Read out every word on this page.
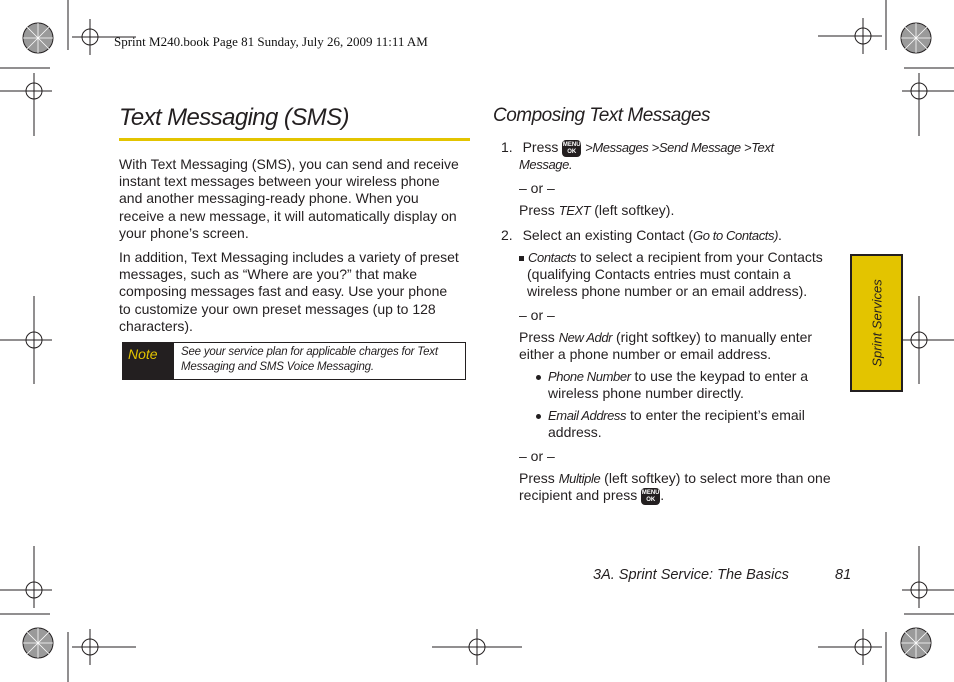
Sprint M240.book Page 81 Sunday, July 26, 2009 11:11 AM
Text Messaging (SMS)

With Text Messaging (SMS), you can send and receive
instant text messages between your wireless phone
and another messaging-ready phone. When you
receive a new message, it will automatically display on
your phone’s screen.

In addition, Text Messaging includes a variety of preset
messages, such as “Where are you?” that make
composing messages fast and easy. Use your phone
to customize your own preset messages (up to 128
characters).

Note	See your service plan for applicable charges for Text
Messaging and SMS Voice Messaging.
Composing Text Messages
1. Press MENU
OK >Messages >Send Message >Text
Message.
– or –
Press TEXT (left softkey).
2. Select an existing Contact (Go to Contacts).
Contacts to select a recipient from your Contacts
(qualifying Contacts entries must contain a
wireless phone number or an email address).
– or –
Press New Addr (right softkey) to manually enter
either a phone number or email address.
Phone Number to use the keypad to enter a
wireless phone number directly.
Email Address to enter the recipient’s email
address.
– or –
Press Multiple (left softkey) to select more than one
recipient and press MENU
OK .
Sprint Services
3A. Sprint Service: The Basics	81
